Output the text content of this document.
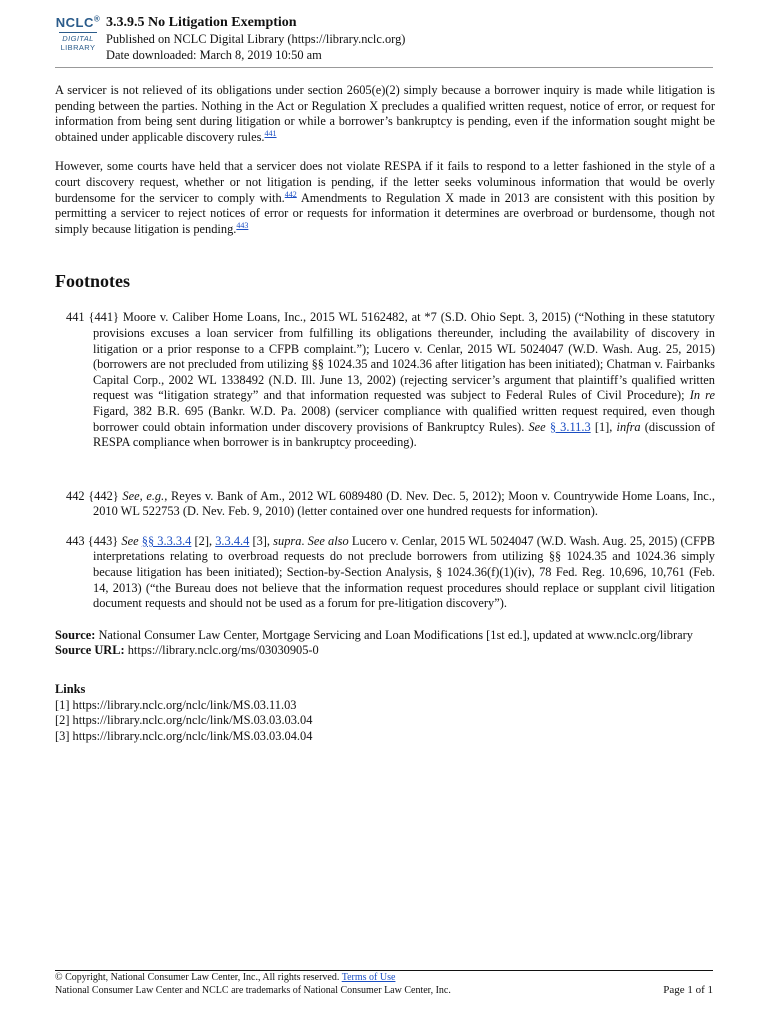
NCLC®
DIGITAL
LIBRARY
3.3.9.5 No Litigation Exemption
Published on NCLC Digital Library (https://library.nclc.org)
Date downloaded: March 8, 2019 10:50 am

A servicer is not relieved of its obligations under section 2605(e)(2) simply because a borrower inquiry is made while litigation is pending between the parties. Nothing in the Act or Regulation X precludes a qualified written request, notice of error, or request for information from being sent during litigation or while a borrower’s bankruptcy is pending, even if the information sought might be obtained under applicable discovery rules.$^{441}$

However, some courts have held that a servicer does not violate RESPA if it fails to respond to a letter fashioned in the style of a court discovery request, whether or not litigation is pending, if the letter seeks voluminous information that would be overly burdensome for the servicer to comply with.$^{442}$ Amendments to Regulation X made in 2013 are consistent with this position by permitting a servicer to reject notices of error or requests for information it determines are overbroad or burdensome, though not simply because litigation is pending.$^{443}$

Footnotes

441 {441} Moore v. Caliber Home Loans, Inc., 2015 WL 5162482, at *7 (S.D. Ohio Sept. 3, 2015) (“Nothing in these statutory provisions excuses a loan servicer from fulfilling its obligations thereunder, including the availability of discovery in litigation or a prior response to a CFPB complaint.”); Lucero v. Cenlar, 2015 WL 5024047 (W.D. Wash. Aug. 25, 2015) (borrowers are not precluded from utilizing §§ 1024.35 and 1024.36 after litigation has been initiated); Chatman v. Fairbanks Capital Corp., 2002 WL 1338492 (N.D. Ill. June 13, 2002) (rejecting servicer’s argument that plaintiff’s qualified written request was “litigation strategy” and that information requested was subject to Federal Rules of Civil Procedure); In re Figard, 382 B.R. 695 (Bankr. W.D. Pa. 2008) (servicer compliance with qualified written request required, even though borrower could obtain information under discovery provisions of Bankruptcy Rules). See § 3.11.3 [1], infra (discussion of RESPA compliance when borrower is in bankruptcy proceeding).

442 {442} See, e.g., Reyes v. Bank of Am., 2012 WL 6089480 (D. Nev. Dec. 5, 2012); Moon v. Countrywide Home Loans, Inc., 2010 WL 522753 (D. Nev. Feb. 9, 2010) (letter contained over one hundred requests for information).

443 {443} See §§ 3.3.3.4 [2], 3.3.4.4 [3], supra. See also Lucero v. Cenlar, 2015 WL 5024047 (W.D. Wash. Aug. 25, 2015) (CFPB interpretations relating to overbroad requests do not preclude borrowers from utilizing §§ 1024.35 and 1024.36 simply because litigation has been initiated); Section-by-Section Analysis, § 1024.36(f)(1)(iv), 78 Fed. Reg. 10,696, 10,761 (Feb. 14, 2013) (“the Bureau does not believe that the information request procedures should replace or supplant civil litigation document requests and should not be used as a forum for pre-litigation discovery”).

Source: National Consumer Law Center, Mortgage Servicing and Loan Modifications [1st ed.], updated at www.nclc.org/library
Source URL: https://library.nclc.org/ms/03030905-0
Links
[1] https://library.nclc.org/nclc/link/MS.03.11.03
[2] https://library.nclc.org/nclc/link/MS.03.03.03.04
[3] https://library.nclc.org/nclc/link/MS.03.03.04.04
© Copyright, National Consumer Law Center, Inc., All rights reserved. Terms of Use
National Consumer Law Center and NCLC are trademarks of National Consumer Law Center, Inc.	Page 1 of 1
